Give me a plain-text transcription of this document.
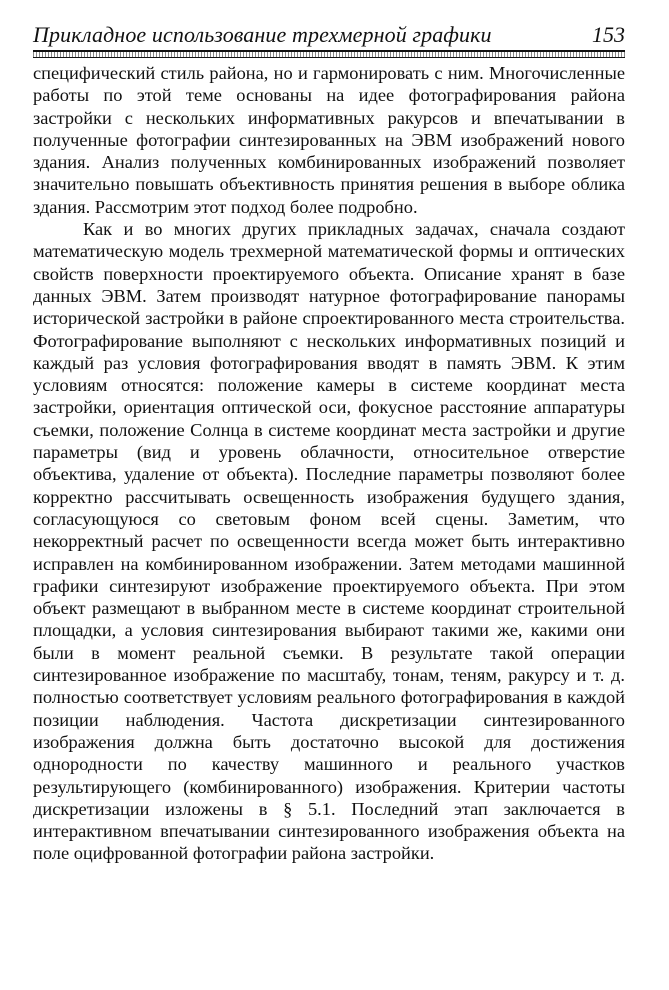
Прикладное использование трехмерной графики	153

специфический стиль района, но и гармонировать с ним. Многочисленные работы по этой теме основаны на идее фотографирования района застройки с нескольких информативных ракурсов и впечатывании в полученные фотографии синтезированных на ЭВМ изображений нового здания. Анализ полученных комбинированных изображений позволяет значительно повышать объективность принятия решения в выборе облика здания. Рассмотрим этот подход более подробно.

Как и во многих других прикладных задачах, сначала создают математическую модель трехмерной математической формы и оптических свойств поверхности проектируемого объекта. Описание хранят в базе данных ЭВМ. Затем производят натурное фотографирование панорамы исторической застройки в районе спроектированного места строительства. Фотографирование выполняют с нескольких информативных позиций и каждый раз условия фотографирования вводят в память ЭВМ. К этим условиям относятся: положение камеры в системе координат места застройки, ориентация оптической оси, фокусное расстояние аппаратуры съемки, положение Солнца в системе координат места застройки и другие параметры (вид и уровень облачности, относительное отверстие объектива, удаление от объекта). Последние параметры позволяют более корректно рассчитывать освещенность изображения будущего здания, согласующуюся со световым фоном всей сцены. Заметим, что некорректный расчет по освещенности всегда может быть интерактивно исправлен на комбинированном изображении. Затем методами машинной графики синтезируют изображение проектируемого объекта. При этом объект размещают в выбранном месте в системе координат строительной площадки, а условия синтезирования выбирают такими же, какими они были в момент реальной съемки. В результате такой операции синтезированное изображение по масштабу, тонам, теням, ракурсу и т. д. полностью соответствует условиям реального фотографирования в каждой позиции наблюдения. Частота дискретизации синтезированного изображения должна быть достаточно высокой для достижения однородности по качеству машинного и реального участков результирующего (комбинированного) изображения. Критерии частоты дискретизации изложены в § 5.1. Последний этап заключается в интерактивном впечатывании синтезированного изображения объекта на поле оцифрованной фотографии района застройки.
